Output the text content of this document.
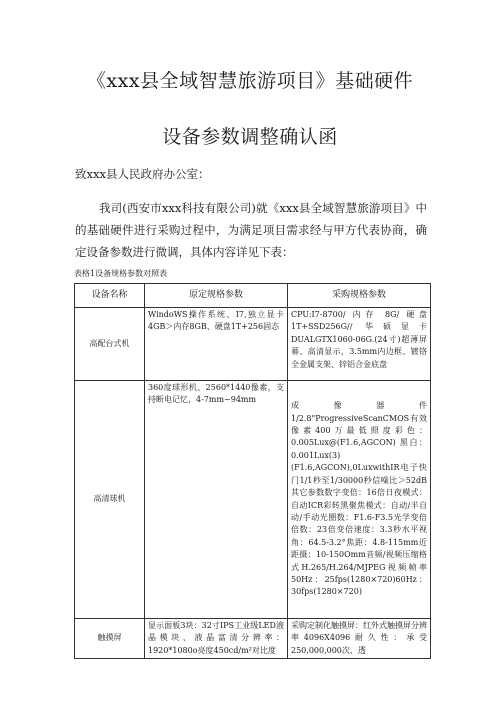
《xxx县全域智慧旅游项目》基础硬件
设备参数调整确认函
致xxx县人民政府办公室：
我司(西安市xxx科技有限公司)就《xxx县全域智慧旅游项目》中的基础硬件进行采购过程中，为满足项目需求经与甲方代表协商，确定设备参数进行微调，具体内容详见下表：
表格1设备规格参数对照表
设备名称	原定规格参数	采购规格参数
高配台式机	WindoWS操作系统、I7,独立显卡4GB＞内存8GB、硬盘1T+256固态	CPU:I7-8700/ 内存 8G/ 硬盘 1T+SSD256G// 华硕显卡 DUALGTX1060-06G.(24寸)超薄屏幕、高清显示，3.5mm内边框、镀铬全金属支架、锌铝合金底盘
高清球机	360度球形机、2560*1440像素，支持断电记忆，4-7mm~94mm	成像器件1/2.8"ProgressiveScanCMOS有效像素400万最低照度彩色：0.005Lux@(F1.6,AGCON) 黑白：0.001Lux(3)(F1.6,AGCON),0LuxwithIR电子快门1/1秒至1/30000秒信噪比＞52dB其它参数数字变倍：16倍日夜模式：自动ICR彩转黑聚焦模式：自动/半自动/手动光圈数：F1.6-F3.5光学变倍倍数：23倍变倍速度：3.3秒水平视角：64.5-3.2°焦距：4.8-115mm近距摄：10-150Omm音频/视频压缩格式H.265/H.264/MJPEG视频帧率50Hz：25fps(1280×720)60Hz：30fps(1280×720)
触摸屏	显示面板3块：32寸IPS工业级LED液晶模块、液晶富清分辨率：1920*1080o亮度450cd/m²对比度	采购定制化触摸屏：红外式触摸屏分辨率4096X4096耐久性：承受250,000,000次、透
